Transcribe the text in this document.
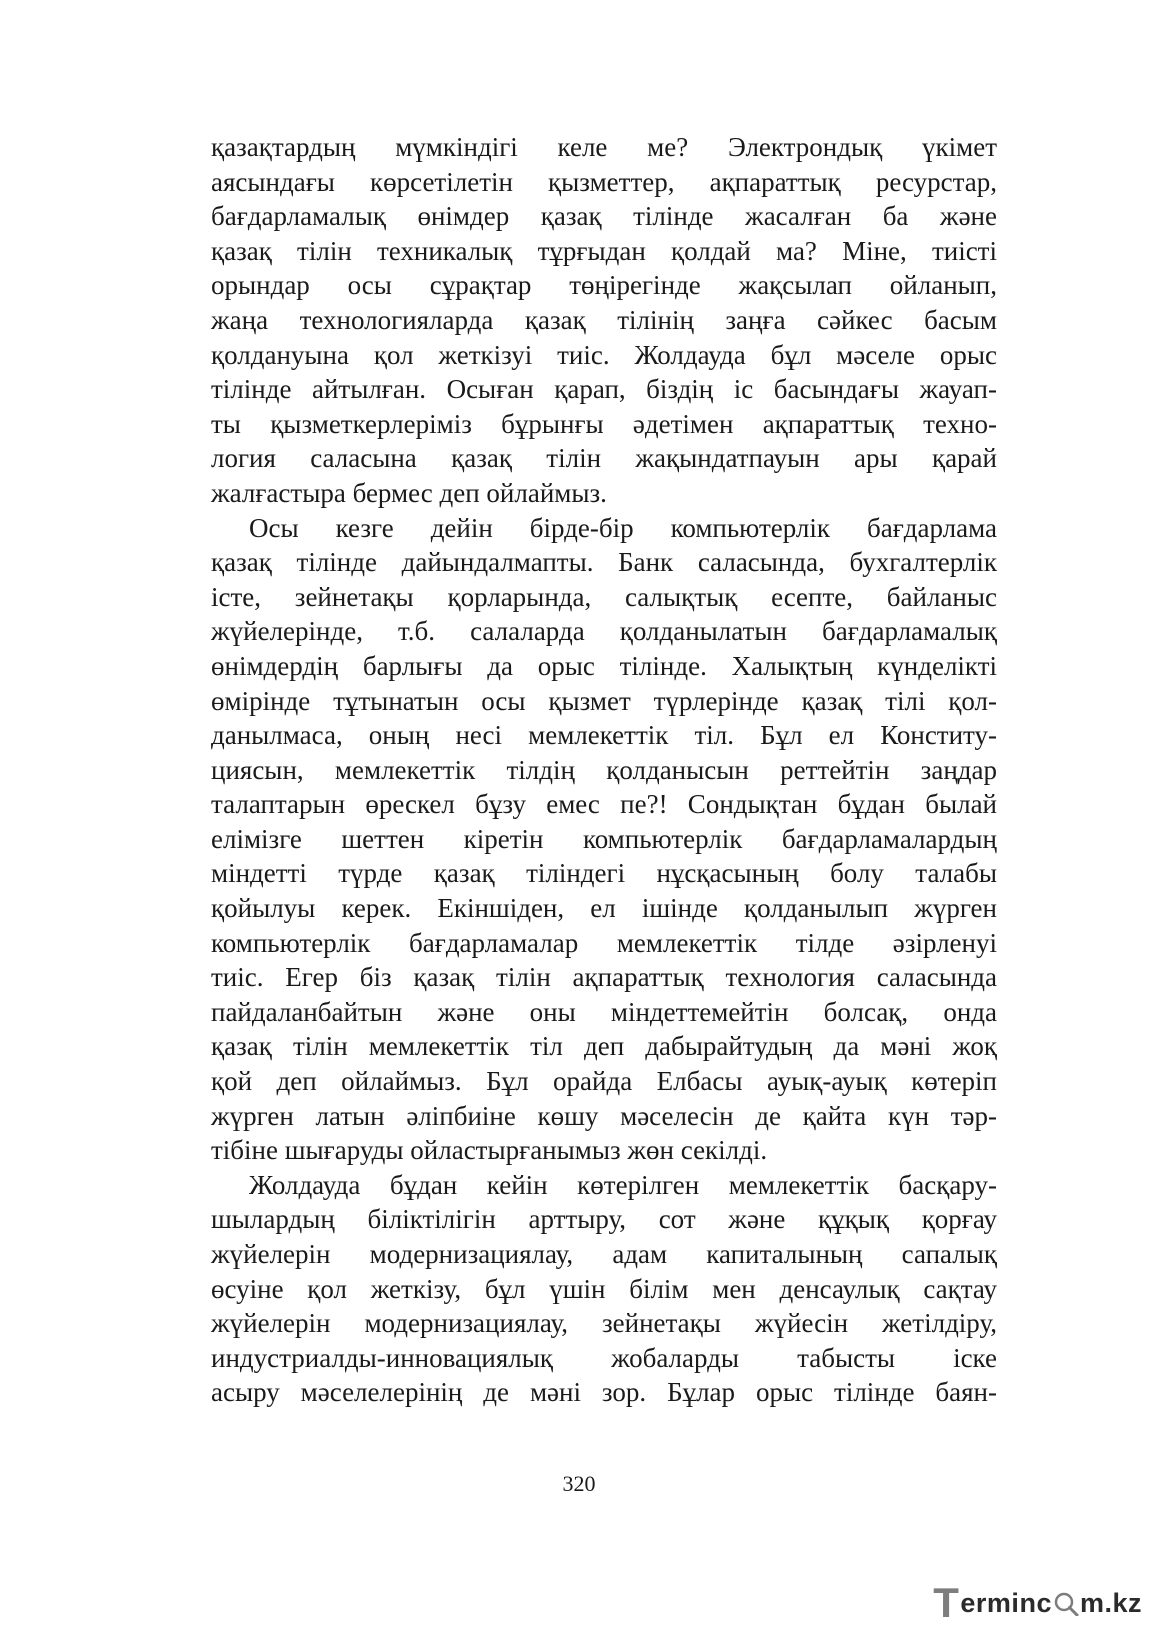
қазақтардың мүмкіндігі келе ме? Электрондық үкімет
аясындағы көрсетілетін қызметтер, ақпараттық ресурстар,
бағдарламалық өнімдер қазақ тілінде жасалған ба және
қазақ тілін техникалық тұрғыдан қолдай ма? Міне, тиісті
орындар осы сұрақтар төңірегінде жақсылап ойланып,
жаңа технологияларда қазақ тілінің заңға сәйкес басым
қолдануына қол жеткізуі тиіс. Жолдауда бұл мәселе орыс
тілінде айтылған. Осыған қарап, біздің іс басындағы жауап-
ты қызметкерлеріміз бұрынғы әдетімен ақпараттық техно-
логия саласына қазақ тілін жақындатпауын ары қарай
жалғастыра бермес деп ойлаймыз.
Осы кезге дейін бірде-бір компьютерлік бағдарлама
қазақ тілінде дайындалмапты. Банк саласында, бухгалтерлік
істе, зейнетақы қорларында, салықтық есепте, байланыс
жүйелерінде, т.б. салаларда қолданылатын бағдарламалық
өнімдердің барлығы да орыс тілінде. Халықтың күнделікті
өмірінде тұтынатын осы қызмет түрлерінде қазақ тілі қол-
данылмаса, оның несі мемлекеттік тіл. Бұл ел Конститу-
циясын, мемлекеттік тілдің қолданысын реттейтін заңдар
талаптарын өрескел бұзу емес пе?! Сондықтан бұдан былай
елімізге шеттен кіретін компьютерлік бағдарламалардың
міндетті түрде қазақ тіліндегі нұсқасының болу талабы
қойылуы керек. Екіншіден, ел ішінде қолданылып жүрген
компьютерлік бағдарламалар мемлекеттік тілде әзірленуі
тиіс. Егер біз қазақ тілін ақпараттық технология саласында
пайдаланбайтын және оны міндеттемейтін болсақ, онда
қазақ тілін мемлекеттік тіл деп дабырайтудың да мәні жоқ
қой деп ойлаймыз. Бұл орайда Елбасы ауық-ауық көтеріп
жүрген латын әліпбиіне көшу мәселесін де қайта күн тәр-
тібіне шығаруды ойластырғанымыз жөн секілді.
Жолдауда бұдан кейін көтерілген мемлекеттік басқару-
шылардың біліктілігін арттыру, сот және құқық қорғау
жүйелерін модернизациялау, адам капиталының сапалық
өсуіне қол жеткізу, бұл үшін білім мен денсаулық сақтау
жүйелерін модернизациялау, зейнетақы жүйесін жетілдіру,
индустриалды-инновациялық жобаларды табысты іске
асыру мәселелерінің де мәні зор. Бұлар орыс тілінде баян-
320
T ermin c m.kz
